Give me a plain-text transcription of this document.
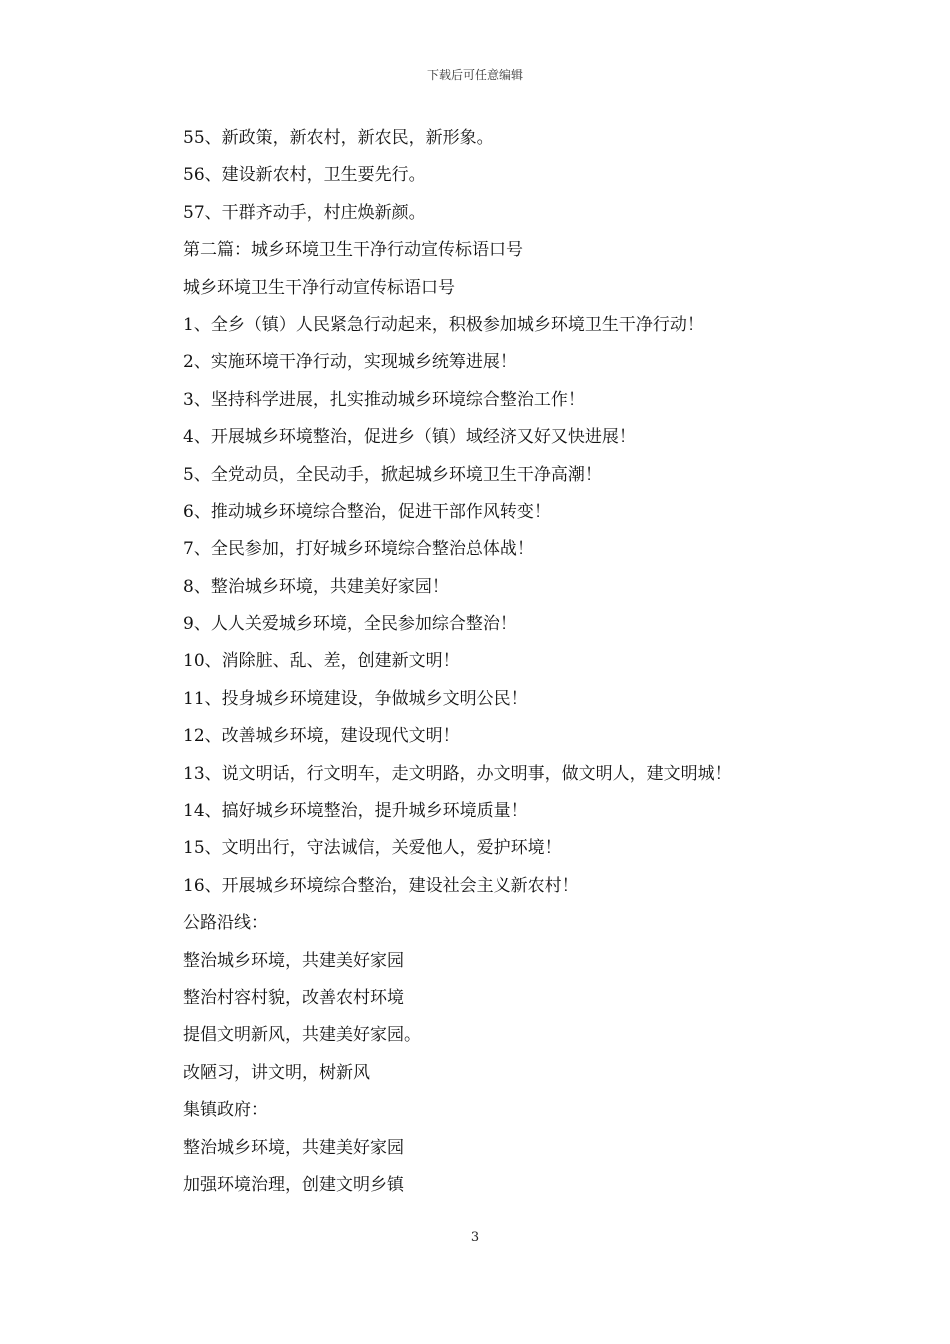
下载后可任意编辑
55、新政策，新农村，新农民，新形象。
56、建设新农村，卫生要先行。
57、干群齐动手，村庄焕新颜。
第二篇：城乡环境卫生干净行动宣传标语口号
城乡环境卫生干净行动宣传标语口号
1、全乡（镇）人民紧急行动起来，积极参加城乡环境卫生干净行动！
2、实施环境干净行动，实现城乡统筹进展！
3、坚持科学进展，扎实推动城乡环境综合整治工作！
4、开展城乡环境整治，促进乡（镇）域经济又好又快进展！
5、全党动员，全民动手，掀起城乡环境卫生干净高潮！
6、推动城乡环境综合整治，促进干部作风转变！
7、全民参加，打好城乡环境综合整治总体战！
8、整治城乡环境，共建美好家园！
9、人人关爱城乡环境，全民参加综合整治！
10、消除脏、乱、差，创建新文明！
11、投身城乡环境建设，争做城乡文明公民！
12、改善城乡环境，建设现代文明！
13、说文明话，行文明车，走文明路，办文明事，做文明人，建文明城！
14、搞好城乡环境整治，提升城乡环境质量！
15、文明出行，守法诚信，关爱他人，爱护环境！
16、开展城乡环境综合整治，建设社会主义新农村！
公路沿线：
整治城乡环境，共建美好家园
整治村容村貌，改善农村环境
提倡文明新风，共建美好家园。
改陋习，讲文明，树新风
集镇政府：
整治城乡环境，共建美好家园
加强环境治理，创建文明乡镇
3
